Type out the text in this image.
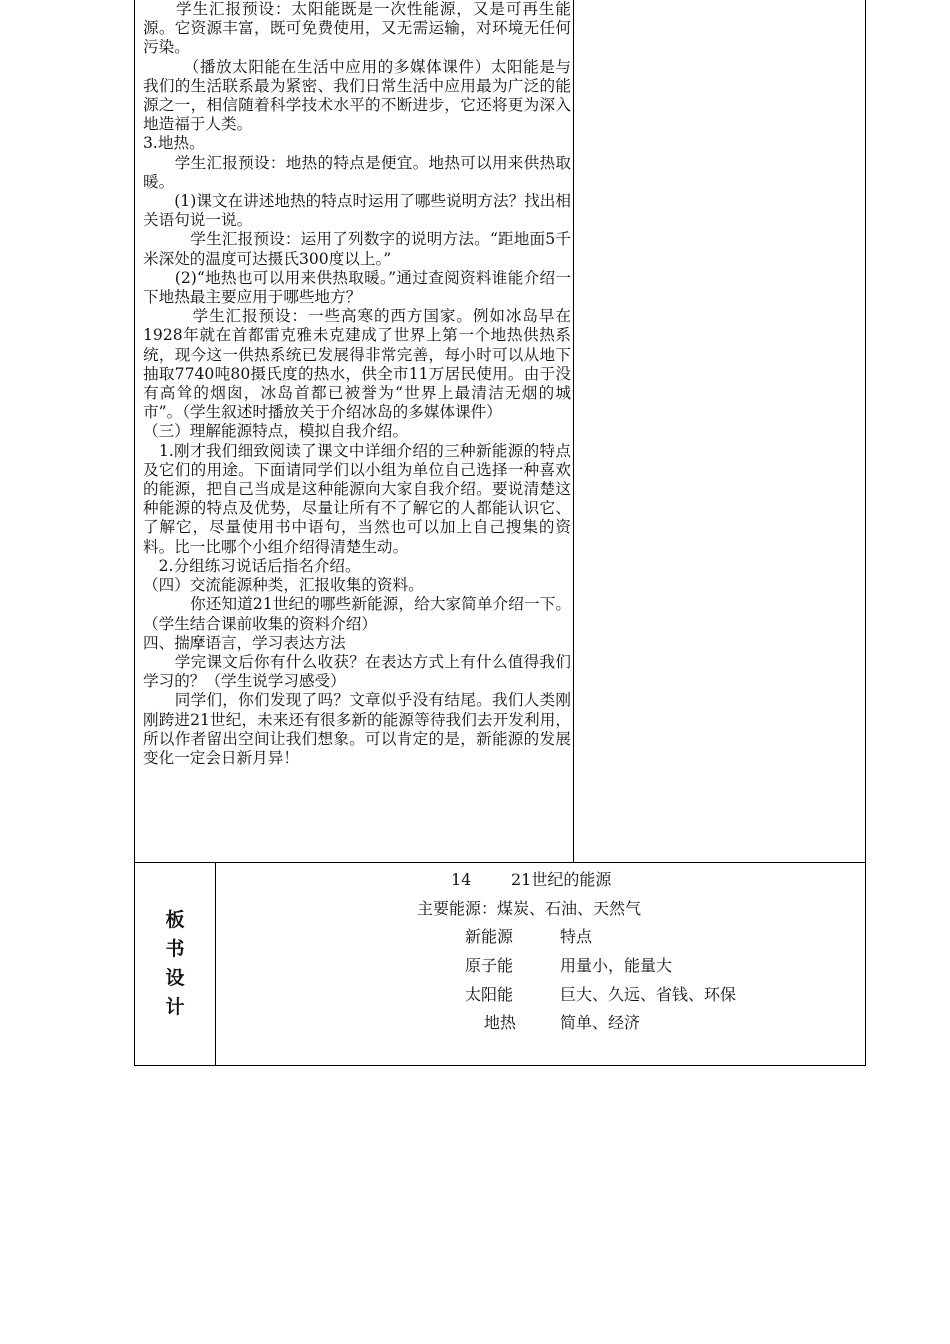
　　学生汇报预设：太阳能既是一次性能源，又是可再生能源。它资源丰富，既可免费使用，又无需运输，对环境无任何污染。

　　　（播放太阳能在生活中应用的多媒体课件）太阳能是与我们的生活联系最为紧密、我们日常生活中应用最为广泛的能源之一，相信随着科学技术水平的不断进步，它还将更为深入地造福于人类。

3.地热。

　　学生汇报预设：地热的特点是便宜。地热可以用来供热取暖。

　　(1)课文在讲述地热的特点时运用了哪些说明方法？找出相关语句说一说。

　　　学生汇报预设：运用了列数字的说明方法。“距地面5千米深处的温度可达摄氏300度以上。”

　　(2)“地热也可以用来供热取暖。”通过查阅资料谁能介绍一下地热最主要应用于哪些地方？

　　　学生汇报预设：一些高寒的西方国家。例如冰岛早在1928年就在首都雷克雅未克建成了世界上第一个地热供热系统，现今这一供热系统已发展得非常完善，每小时可以从地下抽取7740吨80摄氏度的热水，供全市11万居民使用。由于没有高耸的烟囱，冰岛首都已被誉为“世界上最清洁无烟的城市”。（学生叙述时播放关于介绍冰岛的多媒体课件）

（三）理解能源特点，模拟自我介绍。

　1.刚才我们细致阅读了课文中详细介绍的三种新能源的特点及它们的用途。下面请同学们以小组为单位自己选择一种喜欢的能源，把自己当成是这种能源向大家自我介绍。要说清楚这种能源的特点及优势，尽量让所有不了解它的人都能认识它、了解它，尽量使用书中语句，当然也可以加上自己搜集的资料。比一比哪个小组介绍得清楚生动。

　2.分组练习说话后指名介绍。

（四）交流能源种类，汇报收集的资料。

　　　你还知道21世纪的哪些新能源，给大家简单介绍一下。（学生结合课前收集的资料介绍）

四、揣摩语言，学习表达方法

　　学完课文后你有什么收获？在表达方式上有什么值得我们学习的？（学生说学习感受）

　　同学们，你们发现了吗？文章似乎没有结尾。我们人类刚刚跨进21世纪，未来还有很多新的能源等待我们去开发利用，所以作者留出空间让我们想象。可以肯定的是，新能源的发展变化一定会日新月异！

板
书
设
计
14 21世纪的能源
主要能源：煤炭、石油、天然气
新能源	特点
原子能	用量小，能量大
太阳能	巨大、久远、省钱、环保
地热	简单、经济
